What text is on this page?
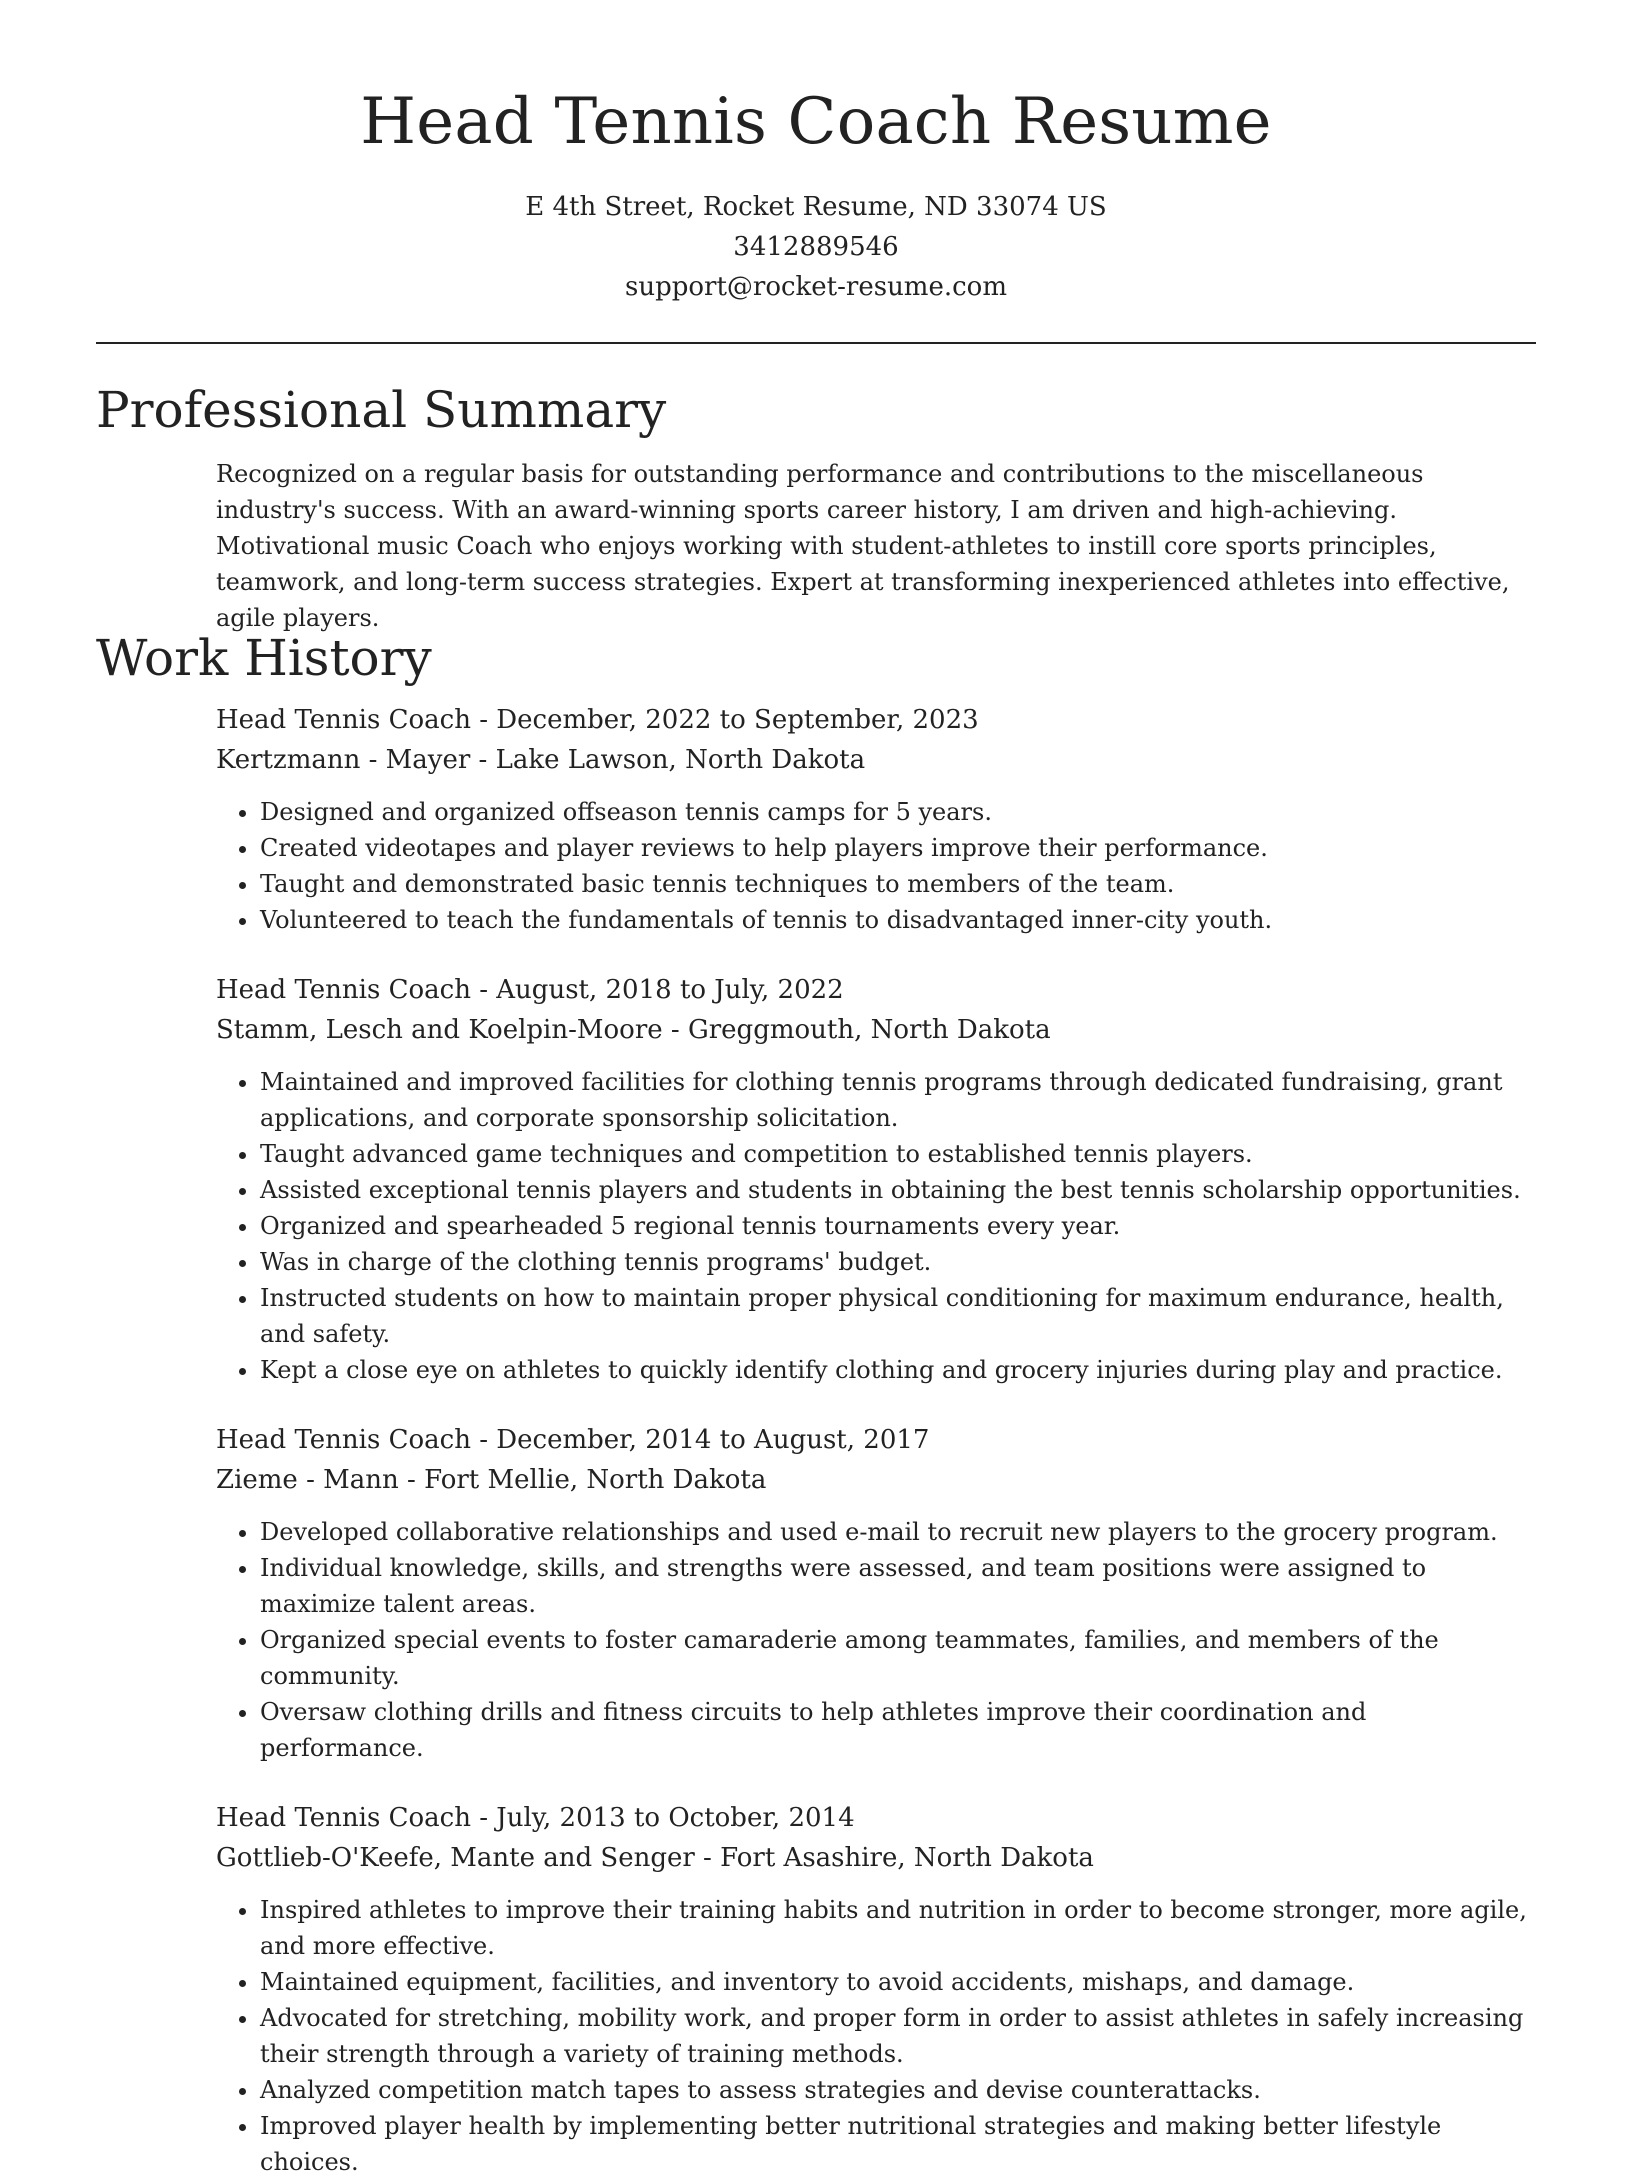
Head Tennis Coach Resume
E 4th Street, Rocket Resume, ND 33074 US
3412889546
support@rocket-resume.com
Professional Summary

Recognized on a regular basis for outstanding performance and contributions to the miscellaneous industry's success. With an award-winning sports career history, I am driven and high-achieving. Motivational music Coach who enjoys working with student-athletes to instill core sports principles, teamwork, and long-term success strategies. Expert at transforming inexperienced athletes into effective, agile players.

Work History
Head Tennis Coach - December, 2022 to September, 2023
Kertzmann - Mayer - Lake Lawson, North Dakota
• Designed and organized offseason tennis camps for 5 years.
• Created videotapes and player reviews to help players improve their performance.
• Taught and demonstrated basic tennis techniques to members of the team.
• Volunteered to teach the fundamentals of tennis to disadvantaged inner-city youth.
Head Tennis Coach - August, 2018 to July, 2022
Stamm, Lesch and Koelpin-Moore - Greggmouth, North Dakota
• Maintained and improved facilities for clothing tennis programs through dedicated fundraising, grant applications, and corporate sponsorship solicitation.
• Taught advanced game techniques and competition to established tennis players.
• Assisted exceptional tennis players and students in obtaining the best tennis scholarship opportunities.
• Organized and spearheaded 5 regional tennis tournaments every year.
• Was in charge of the clothing tennis programs' budget.
• Instructed students on how to maintain proper physical conditioning for maximum endurance, health, and safety.
• Kept a close eye on athletes to quickly identify clothing and grocery injuries during play and practice.
Head Tennis Coach - December, 2014 to August, 2017
Zieme - Mann - Fort Mellie, North Dakota
• Developed collaborative relationships and used e-mail to recruit new players to the grocery program.
• Individual knowledge, skills, and strengths were assessed, and team positions were assigned to maximize talent areas.
• Organized special events to foster camaraderie among teammates, families, and members of the community.
• Oversaw clothing drills and fitness circuits to help athletes improve their coordination and performance.
Head Tennis Coach - July, 2013 to October, 2014
Gottlieb-O'Keefe, Mante and Senger - Fort Asashire, North Dakota
• Inspired athletes to improve their training habits and nutrition in order to become stronger, more agile, and more effective.
• Maintained equipment, facilities, and inventory to avoid accidents, mishaps, and damage.
• Advocated for stretching, mobility work, and proper form in order to assist athletes in safely increasing their strength through a variety of training methods.
• Analyzed competition match tapes to assess strategies and devise counterattacks.
• Improved player health by implementing better nutritional strategies and making better lifestyle choices.
